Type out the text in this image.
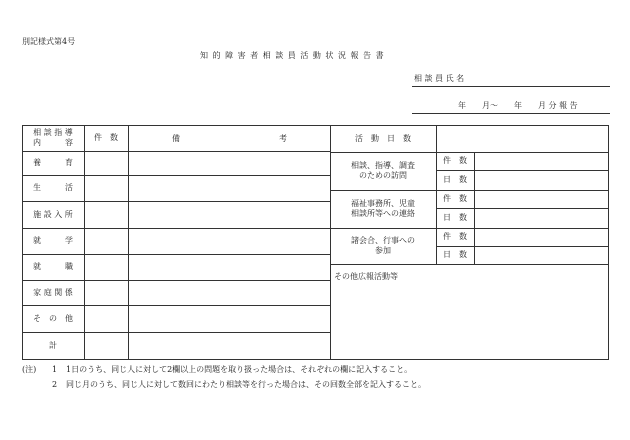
別記様式第4号
知 的 障 害 者 相 談 員 活 動 状 況 報 告 書
相 談 員 氏 名
年　　月～　　年　　月 分 報 告
相 談 指 導
内　　　容
件　数	備	考
養　　　育
生　　　活
施 設 入 所
就　　　学
就　　　職
家 庭 関 係
そ　の　他
計
活　動　日　数
相談、指導、調査
のための訪問
件　数
日　数
福祉事務所、児童
相談所等への連絡
件　数
日　数
諸会合、行事への
参加
件　数
日　数
その他広報活動等
(注) 1 1日のうち、同じ人に対して2欄以上の問題を取り扱った場合は、それぞれの欄に記入すること。
2 同じ月のうち、同じ人に対して数回にわたり相談等を行った場合は、その回数全部を記入すること。
